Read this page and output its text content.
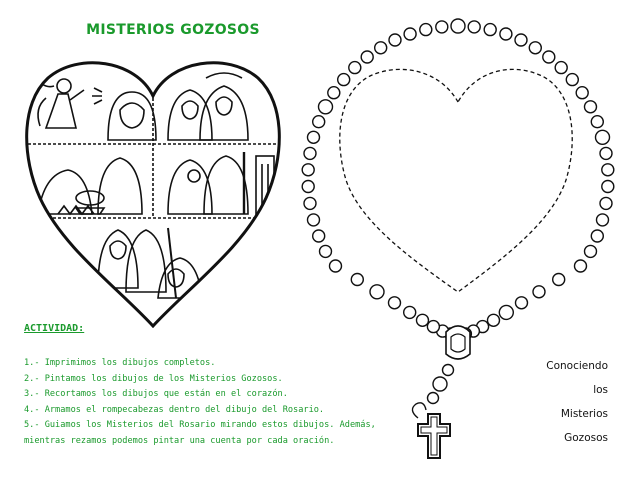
MISTERIOS GOZOSOS
ACTIVIDAD:
1.- Imprimimos los dibujos completos.
2.- Pintamos los dibujos de los Misterios Gozosos.
3.- Recortamos los dibujos que están en el corazón.
4.- Armamos el rompecabezas dentro del dibujo del Rosario.
5.- Guiamos los Misterios del Rosario mirando estos dibujos. Además,
mientras rezamos podemos pintar una cuenta por cada oración.
Conociendo
los
Misterios
Gozosos
